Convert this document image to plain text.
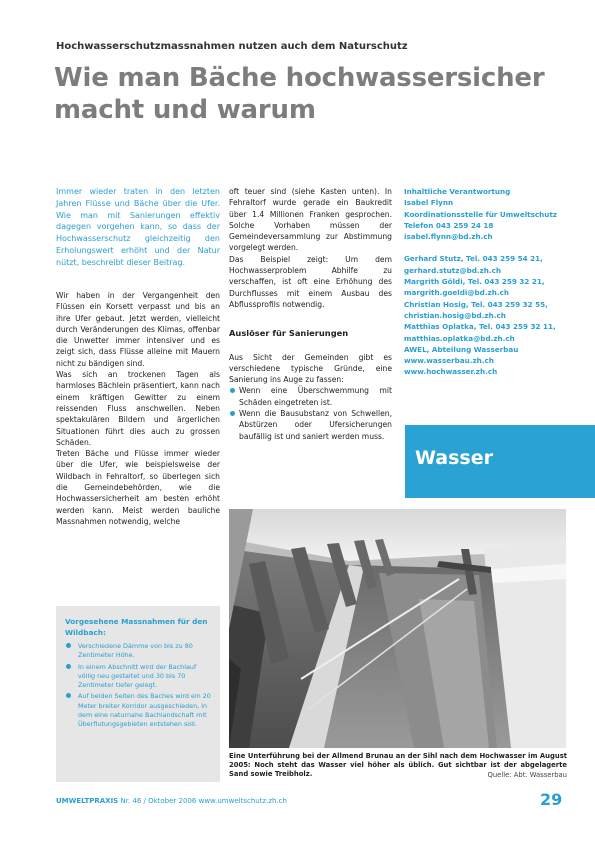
Hochwasserschutzmassnahmen nutzen auch dem Naturschutz
Wie man Bäche hochwassersicher
macht und warum
Immer wieder traten in den letzten Jahren Flüsse und Bäche über die Ufer. Wie man mit Sanierungen effektiv dagegen vorgehen kann, so dass der Hochwasserschutz gleichzeitig den Erholungswert erhöht und der Natur nützt, beschreibt dieser Beitrag.

Wir haben in der Vergangenheit den Flüssen ein Korsett verpasst und bis an ihre Ufer gebaut. Jetzt werden, vielleicht durch Veränderungen des Klimas, offenbar die Unwetter immer intensiver und es zeigt sich, dass Flüsse alleine mit Mauern nicht zu bändigen sind.

Was sich an trockenen Tagen als harmloses Bächlein präsentiert, kann nach einem kräftigen Gewitter zu einem reissenden Fluss anschwellen. Neben spektakulären Bildern und ärgerlichen Situationen führt dies auch zu grossen Schäden.

Treten Bäche und Flüsse immer wieder über die Ufer, wie beispielsweise der Wildbach in Fehraltorf, so überlegen sich die Gemeindebehörden, wie die Hochwassersicherheit am besten erhöht werden kann. Meist werden bauliche Massnahmen notwendig, welche

Vorgesehene Massnahmen für den Wildbach:
Verschiedene Dämme von bis zu 80 Zentimeter Höhe.
In einem Abschnitt wird der Bachlauf völlig neu gestaltet und 30 bis 70 Zentimeter tiefer gelegt.
Auf beiden Seiten des Baches wird ein 20 Meter breiter Korridor ausgeschieden, in dem eine naturnahe Bachlandschaft mit Überflutungsgebieten entstehen soll.

oft teuer sind (siehe Kasten unten). In Fehraltorf wurde gerade ein Baukredit über 1.4 Millionen Franken gesprochen. Solche Vorhaben müssen der Gemeindeversammlung zur Abstimmung vorgelegt werden.

Das Beispiel zeigt: Um dem Hochwasserproblem Abhilfe zu verschaffen, ist oft eine Erhöhung des Durchflusses mit einem Ausbau des Abflussprofils notwendig.

Auslöser für Sanierungen

Aus Sicht der Gemeinden gibt es verschiedene typische Gründe, eine Sanierung ins Auge zu fassen:

Wenn eine Überschwemmung mit Schäden eingetreten ist.
Wenn die Bausubstanz von Schwellen, Abstürzen oder Ufersicherungen baufällig ist und saniert werden muss.
Inhaltliche Verantwortung
Isabel Flynn
Koordinationsstelle für Umweltschutz
Telefon 043 259 24 18
isabel.flynn@bd.zh.ch
Gerhard Stutz, Tel. 043 259 54 21,
gerhard.stutz@bd.zh.ch
Margrith Göldi, Tel. 043 259 32 21,
margrith.goeldi@bd.zh.ch
Christian Hosig, Tel. 043 259 32 55,
christian.hosig@bd.zh.ch
Matthias Oplatka, Tel. 043 259 32 11,
matthias.oplatka@bd.zh.ch
AWEL, Abteilung Wasserbau
www.wasserbau.zh.ch
www.hochwasser.zh.ch
Wasser
Eine Unterführung bei der Allmend Brunau an der Sihl nach dem Hochwasser im August 2005: Noch steht das Wasser viel höher als üblich. Gut sichtbar ist der abgelagerte Sand sowie Treibholz.	Quelle: Abt. Wasserbau
UMWELTPRAXIS Nr. 46 / Oktober 2006 www.umweltschutz.zh.ch	29
